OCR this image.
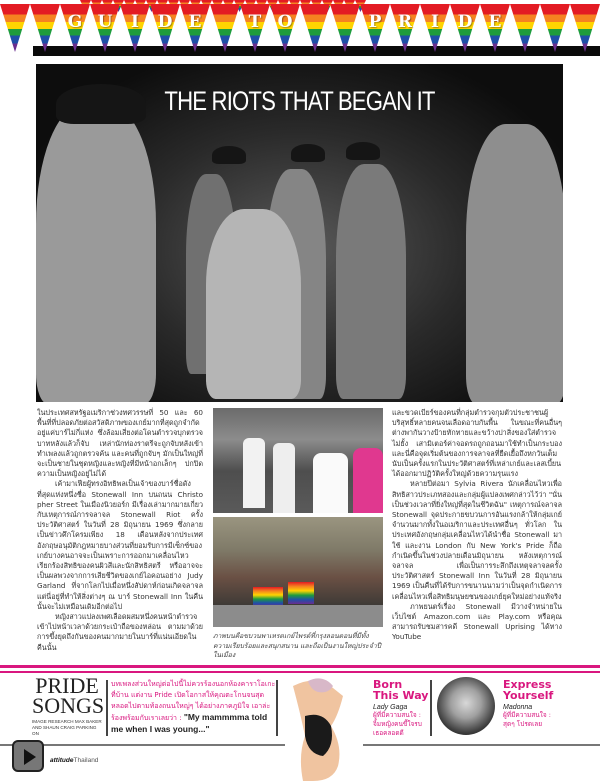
G U	I	D E	T O	P R	I	D E
THE RIOTS THAT BEGAN IT

ในประเทศสหรัฐอเมริกาช่วงทศวรรษที่ 50 และ 60 พื้นที่ที่ปลอดภัยต่อสวัสดิภาพของเกย์มากที่สุดถูกจำกัดอยู่แค่บาร์ไม่กี่แห่ง ซึ่งล้อมเสี่ยงต่อโดนตำรวจบุกตรวจบาทหลังแล้วก็จับ เหล่านักท่องราตรีจะถูกจับหลังเข้าทำเพลงแล้วถูกตรวจค้น และคนที่ถูกจับๆ มักเป็นใหญ่ที่จะเป็นชายในชุดหญิงและหญิงที่มีหน้าอกเล็กๆ ปกปิดความเป็นหญิงอยู่ไม่ได้

เค้ามาเฟียผู้ทรงอิทธิพลเป็นเจ้าของบาร์ชื่อดังที่สุดแห่งหนึ่งชื่อ Stonewall Inn บนถนน Christo pher Street ในเมืองนิวยอร์ก มีเรื่องเล่ามากมายเกี่ยวกับเหตุการณ์การจลาจล Stonewall Riot ครั้งประวัติศาสตร์ ในวันที่ 28 มิถุนายน 1969 ซึ่งกลายเป็นข่าวคึกโครมเพียง 18 เดือนหลังจากประเทศอังกฤษอนุมัติกฎหมายบางส่วนที่ยอมรับการมีเซ็กซ์ของเกย์บางคนอาจจะเป็นเพราะการออกมาเคลื่อนไหวเรียกร้องสิทธิของคนผิวสีและนักสิทธิสตรี หรืออาจจะเป็นผลพวงจากการเสียชีวิตของเกย์ไอคอนอย่าง Judy Garland ที่จากโลกไปเมื่อหนึ่งสัปดาห์ก่อนเกิดจลาจล แต่นี่อยู่ที่ทำให้สิ่งต่างๆ ณ บาร์ Stonewall Inn ในคืนนั้นจะไม่เหมือนเดิมอีกต่อไป

หญิงสาวแปลงเพศเลือดผสมหนึ่งคนหน้าตำรวจเข้าไปหน้าเวลาด้วยกระเป๋าถือของหล่อน ตามมาด้วยการขึ้งยุดถึงกันของคนมากมายในบาร์ที่แน่นเอียดในคืนนั้น

ภาพบนคือขบวนพาเหรดเกย์ไพรด์ที่กรุงลอนดอนที่มีทั้งความเรียบร้อยและสนุกสนาน และถือเป็นงานใหญ่ประจำปีในเมือง

และขวดเบียร์ของคนที่กลุ่มตำรวจกุมตัวประชาชนผู้บริสุทธิ์หลายคนจนเลือดอาบกันพื้น ในขณะที่คนอื่นๆ ต่างพากันวางป้ายทักทายและขว้างปาสิ่งของใส่ตำรวจไม่ยั้ง เสามิเตอร์ค่าจอดรถถูกถอนมาใช้ทำเป็นกระบอง และนี่คือจุดเริ่มต้นของการจลาจลที่ยืดเยื้อถึงหกวันเต็ม นับเป็นครั้งแรกในประวัติศาสตร์ที่เหล่าเกย์และเลสเบี้ยนได้ออกมาปฏิวัติครั้งใหญ่ด้วยความรุนแรง

หลายปีต่อมา Sylvia Rivera นักเคลื่อนไหวเพื่อสิทธิสาวประเภทสองและกลุ่มผู้แปลงเพศกล่าวไว้ว่า "นั่นเป็นช่วงเวลาที่ยิ่งใหญ่ที่สุดในชีวิตฉัน" เหตุการณ์จลาจล Stonewall จุดประกายขบวนการอันแรงกล้าให้กลุ่มเกย์จำนวนมากทั้งในอเมริกาและประเทศอื่นๆ ทั่วโลก ในประเทศอังกฤษกลุ่มเคลื่อนไหวได้นำชื่อ Stonewall มาใช้ และงาน London กับ New York's Pride ก็ถือกำเนิดขึ้นในช่วงปลายเดือนมิถุนายน หลังเหตุการณ์จลาจล เพื่อเป็นการระลึกถึงเหตุจลาจลครั้งประวัติศาสตร์ Stonewall Inn ในวันที่ 28 มิถุนายน 1969 เป็นคืนที่ได้รับการขนานนามว่าเป็นจุดกำเนิดการเคลื่อนไหวเพื่อสิทธิมนุษยชนของเกย์ยุคใหม่อย่างแท้จริง

ภาพยนตร์เรื่อง Stonewall มีวางจำหน่ายในเว็บไซต์ Amazon.com และ Play.com หรือคุณสามารถรับชมสารคดี Stonewall Uprising ได้ทาง YouTube

PRIDE
SONGS
IMAGE RESEARCH MAX BAKER AND SHAUN CRAIG PARKING ON
บทเพลงส่วนใหญ่ต่อไปนี้ไม่ควรร้องนอกห้องคาราโอเกะที่บ้าน แต่งาน Pride เปิดโอกาสให้คุณตะโกนจนสุดหลอดไปตามท้องถนนใหญ่ๆ ได้อย่างภาคภูมิใจ เอาล่ะร้องพร้อมกับเราเลยว่า : "My mammmma told me when I was young..."
Born
This Way
Lady Gaga
ผู้ที่มีความสนใจ :
จิ้มหญิงคนขี้ใจรบ เธอคลอดดี
Express
Yourself
Madonna
ผู้ที่มีความสนใจ :
สุดๆ โปรดเลย
attitudeThailand
